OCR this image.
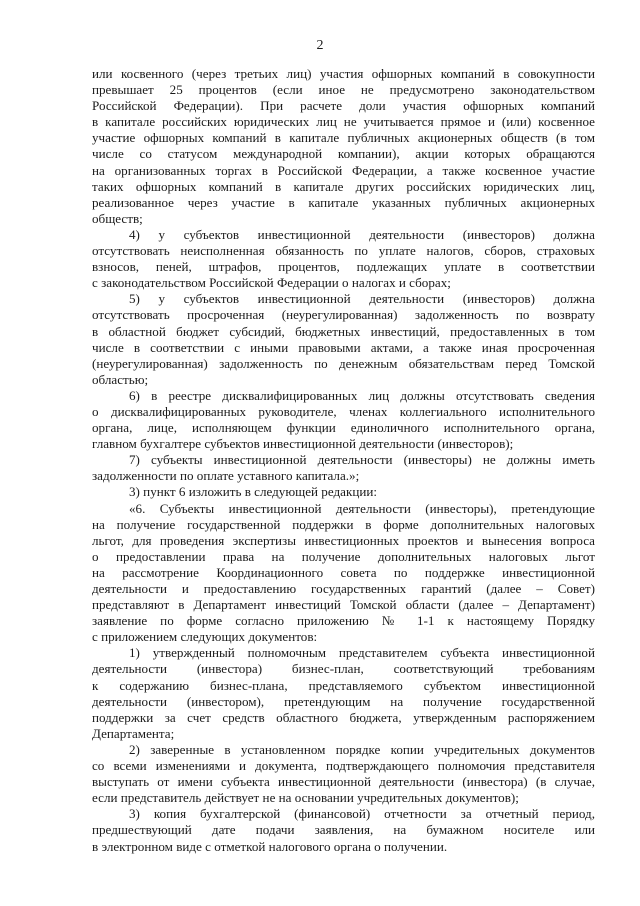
2
или косвенного (через третьих лиц) участия офшорных компаний в совокупности
превышает 25 процентов (если иное не предусмотрено законодательством
Российской Федерации). При расчете доли участия офшорных компаний
в капитале российских юридических лиц не учитывается прямое и (или) косвенное
участие офшорных компаний в капитале публичных акционерных обществ (в том
числе со статусом международной компании), акции которых обращаются
на организованных торгах в Российской Федерации, а также косвенное участие
таких офшорных компаний в капитале других российских юридических лиц,
реализованное через участие в капитале указанных публичных акционерных
обществ;
4) у субъектов инвестиционной деятельности (инвесторов) должна
отсутствовать неисполненная обязанность по уплате налогов, сборов, страховых
взносов, пеней, штрафов, процентов, подлежащих уплате в соответствии
с законодательством Российской Федерации о налогах и сборах;
5) у субъектов инвестиционной деятельности (инвесторов) должна
отсутствовать просроченная (неурегулированная) задолженность по возврату
в областной бюджет субсидий, бюджетных инвестиций, предоставленных в том
числе в соответствии с иными правовыми актами, а также иная просроченная
(неурегулированная) задолженность по денежным обязательствам перед Томской
областью;
6) в реестре дисквалифицированных лиц должны отсутствовать сведения
о дисквалифицированных руководителе, членах коллегиального исполнительного
органа, лице, исполняющем функции единоличного исполнительного органа,
главном бухгалтере субъектов инвестиционной деятельности (инвесторов);
7) субъекты инвестиционной деятельности (инвесторы) не должны иметь
задолженности по оплате уставного капитала.»;
3) пункт 6 изложить в следующей редакции:
«6. Субъекты инвестиционной деятельности (инвесторы), претендующие
на получение государственной поддержки в форме дополнительных налоговых
льгот, для проведения экспертизы инвестиционных проектов и вынесения вопроса
о предоставлении права на получение дополнительных налоговых льгот
на рассмотрение Координационного совета по поддержке инвестиционной
деятельности и предоставлению государственных гарантий (далее – Совет)
представляют в Департамент инвестиций Томской области (далее – Департамент)
заявление по форме согласно приложению № 1-1 к настоящему Порядку
с приложением следующих документов:
1) утвержденный полномочным представителем субъекта инвестиционной
деятельности (инвестора) бизнес-план, соответствующий требованиям
к содержанию бизнес-плана, представляемого субъектом инвестиционной
деятельности (инвестором), претендующим на получение государственной
поддержки за счет средств областного бюджета, утвержденным распоряжением
Департамента;
2) заверенные в установленном порядке копии учредительных документов
со всеми изменениями и документа, подтверждающего полномочия представителя
выступать от имени субъекта инвестиционной деятельности (инвестора) (в случае,
если представитель действует не на основании учредительных документов);
3) копия бухгалтерской (финансовой) отчетности за отчетный период,
предшествующий дате подачи заявления, на бумажном носителе или
в электронном виде с отметкой налогового органа о получении.
